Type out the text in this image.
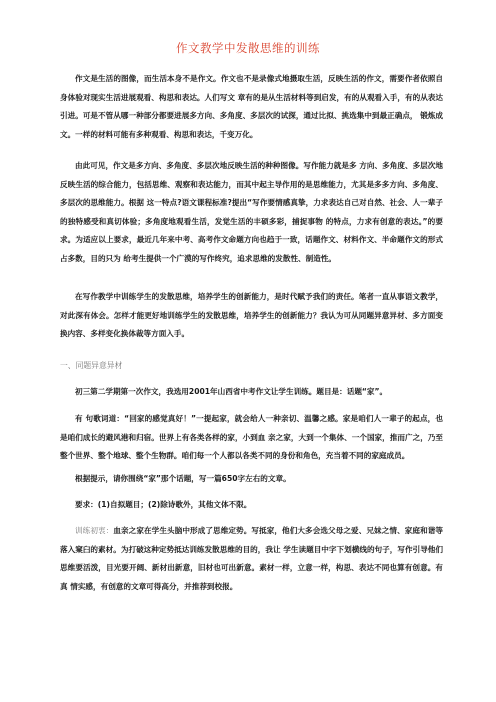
作文教学中发散思维的训练

作文是生活的图像，而生活本身不是作文。作文也不是录像式地摄取生活，反映生活的作文，需要作者依照自身体验对现实生活进展观看、构思和表达。人们写文 章有的是从生活材料等到启发，有的从观看入手，有的从表达引进。可是不管从哪一种部分都要进展多方向、多角度、多层次的试探，通过比拟、挑选集中到最正确点， 锻炼成文。一样的材料可能有多种观看、构思和表达，千变万化。

由此可见，作文是多方向、多角度、多层次地反映生活的种种图像。写作能力就是多 方向、多角度、多层次地反映生活的综合能力，包括思维、观察和表达能力，而其中起主导作用的是思维能力，尤其是多多方向、多角度、多层次的思维能力。根据 这一特点?语文课程标准?提出“写作要情感真挚，力求表达自己对自然、社会、人一辈子的独特感受和真切体验；多角度地观看生活，发觉生活的丰硕多彩，捕捉事物 的特点，力求有创意的表达。”的要求。为适应以上要求，最近几年来中考、高考作文命题方向也趋于一致，话题作文、材料作文、半命题作文的形式占多数，目的只为 给考生提供一个广漠的写作终究，追求思维的发散性、制造性。

在写作教学中训练学生的发散思维，培养学生的创新能力，是时代赋予我们的责任。笔者一直从事语文教学，对此深有体会。怎样才能更好地训练学生的发散思维，培养学生的创新能力？我认为可从同题异意异材、多方面变换内容、多样变化换体裁等方面入手。

一、同题异意异材

初三第二学期第一次作文，我选用2001年山西省中考作文让学生训练。题目是：话题“家”。

有 句歌词道：“回家的感觉真好！”一提起家，就会给人一种亲切、温馨之感。家是咱们人一辈子的起点，也是咱们成长的避风港和归宿。世界上有各类各样的家，小到血 亲之家，大到一个集体、一个国家，推而广之，乃至整个世界、整个地球、整个生物群。咱们每一个人都以各类不同的身份和角色，充当着不同的家庭成员。

根据提示，请你围绕“家”那个话题，写一篇650字左右的文章。

要求：(1)自拟题目；(2)除诗歌外，其他文体不限。

训练初衷：血亲之家在学生头脑中形成了思维定势。写抵家，他们大多会选父母之爱、兄妹之情、家庭和谐等落入窠臼的素材。为打破这种定势抵达训练发散思维的目的，我让 学生读题目中字下划横线的句子，写作引导他们思维要活泼，目光要开阔、新材出新意，旧材也可出新意。素材一样，立意一样，构思、表达不同也算有创意。有真 情实感，有创意的文章可得高分，并推荐到校报。
